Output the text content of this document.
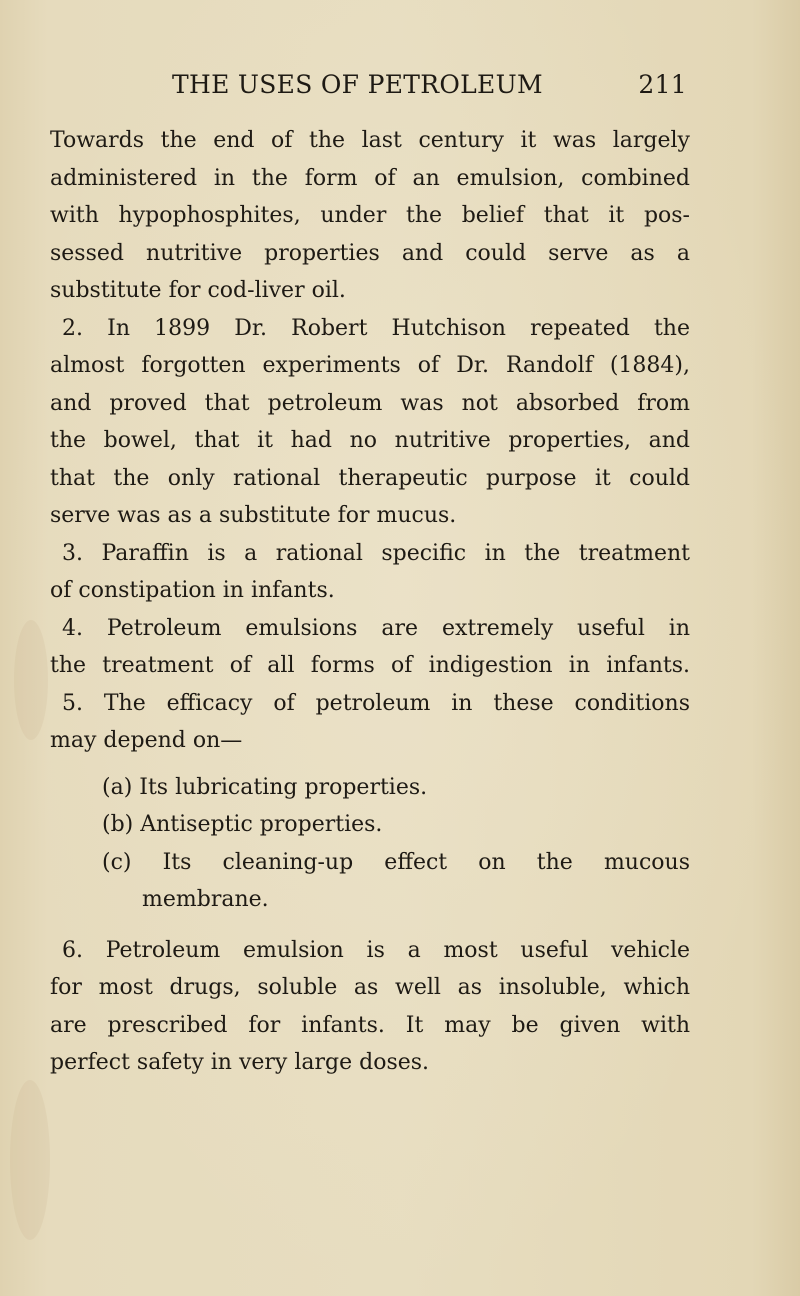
THE USES OF PETROLEUM	211
Towards the end of the last century it was largely
administered in the form of an emulsion, combined
with hypophosphites, under the belief that it pos-
sessed nutritive properties and could serve as a
substitute for cod-liver oil.
2. In 1899 Dr. Robert Hutchison repeated the
almost forgotten experiments of Dr. Randolf (1884),
and proved that petroleum was not absorbed from
the bowel, that it had no nutritive properties, and
that the only rational therapeutic purpose it could
serve was as a substitute for mucus.
3. Paraffin is a rational specific in the treatment
of constipation in infants.
4. Petroleum emulsions are extremely useful in
the treatment of all forms of indigestion in infants.
5. The efficacy of petroleum in these conditions
may depend on—
(a) Its lubricating properties.
(b) Antiseptic properties.
(c) Its cleaning-up effect on the mucous
membrane.
6. Petroleum emulsion is a most useful vehicle
for most drugs, soluble as well as insoluble, which
are prescribed for infants. It may be given with
perfect safety in very large doses.
